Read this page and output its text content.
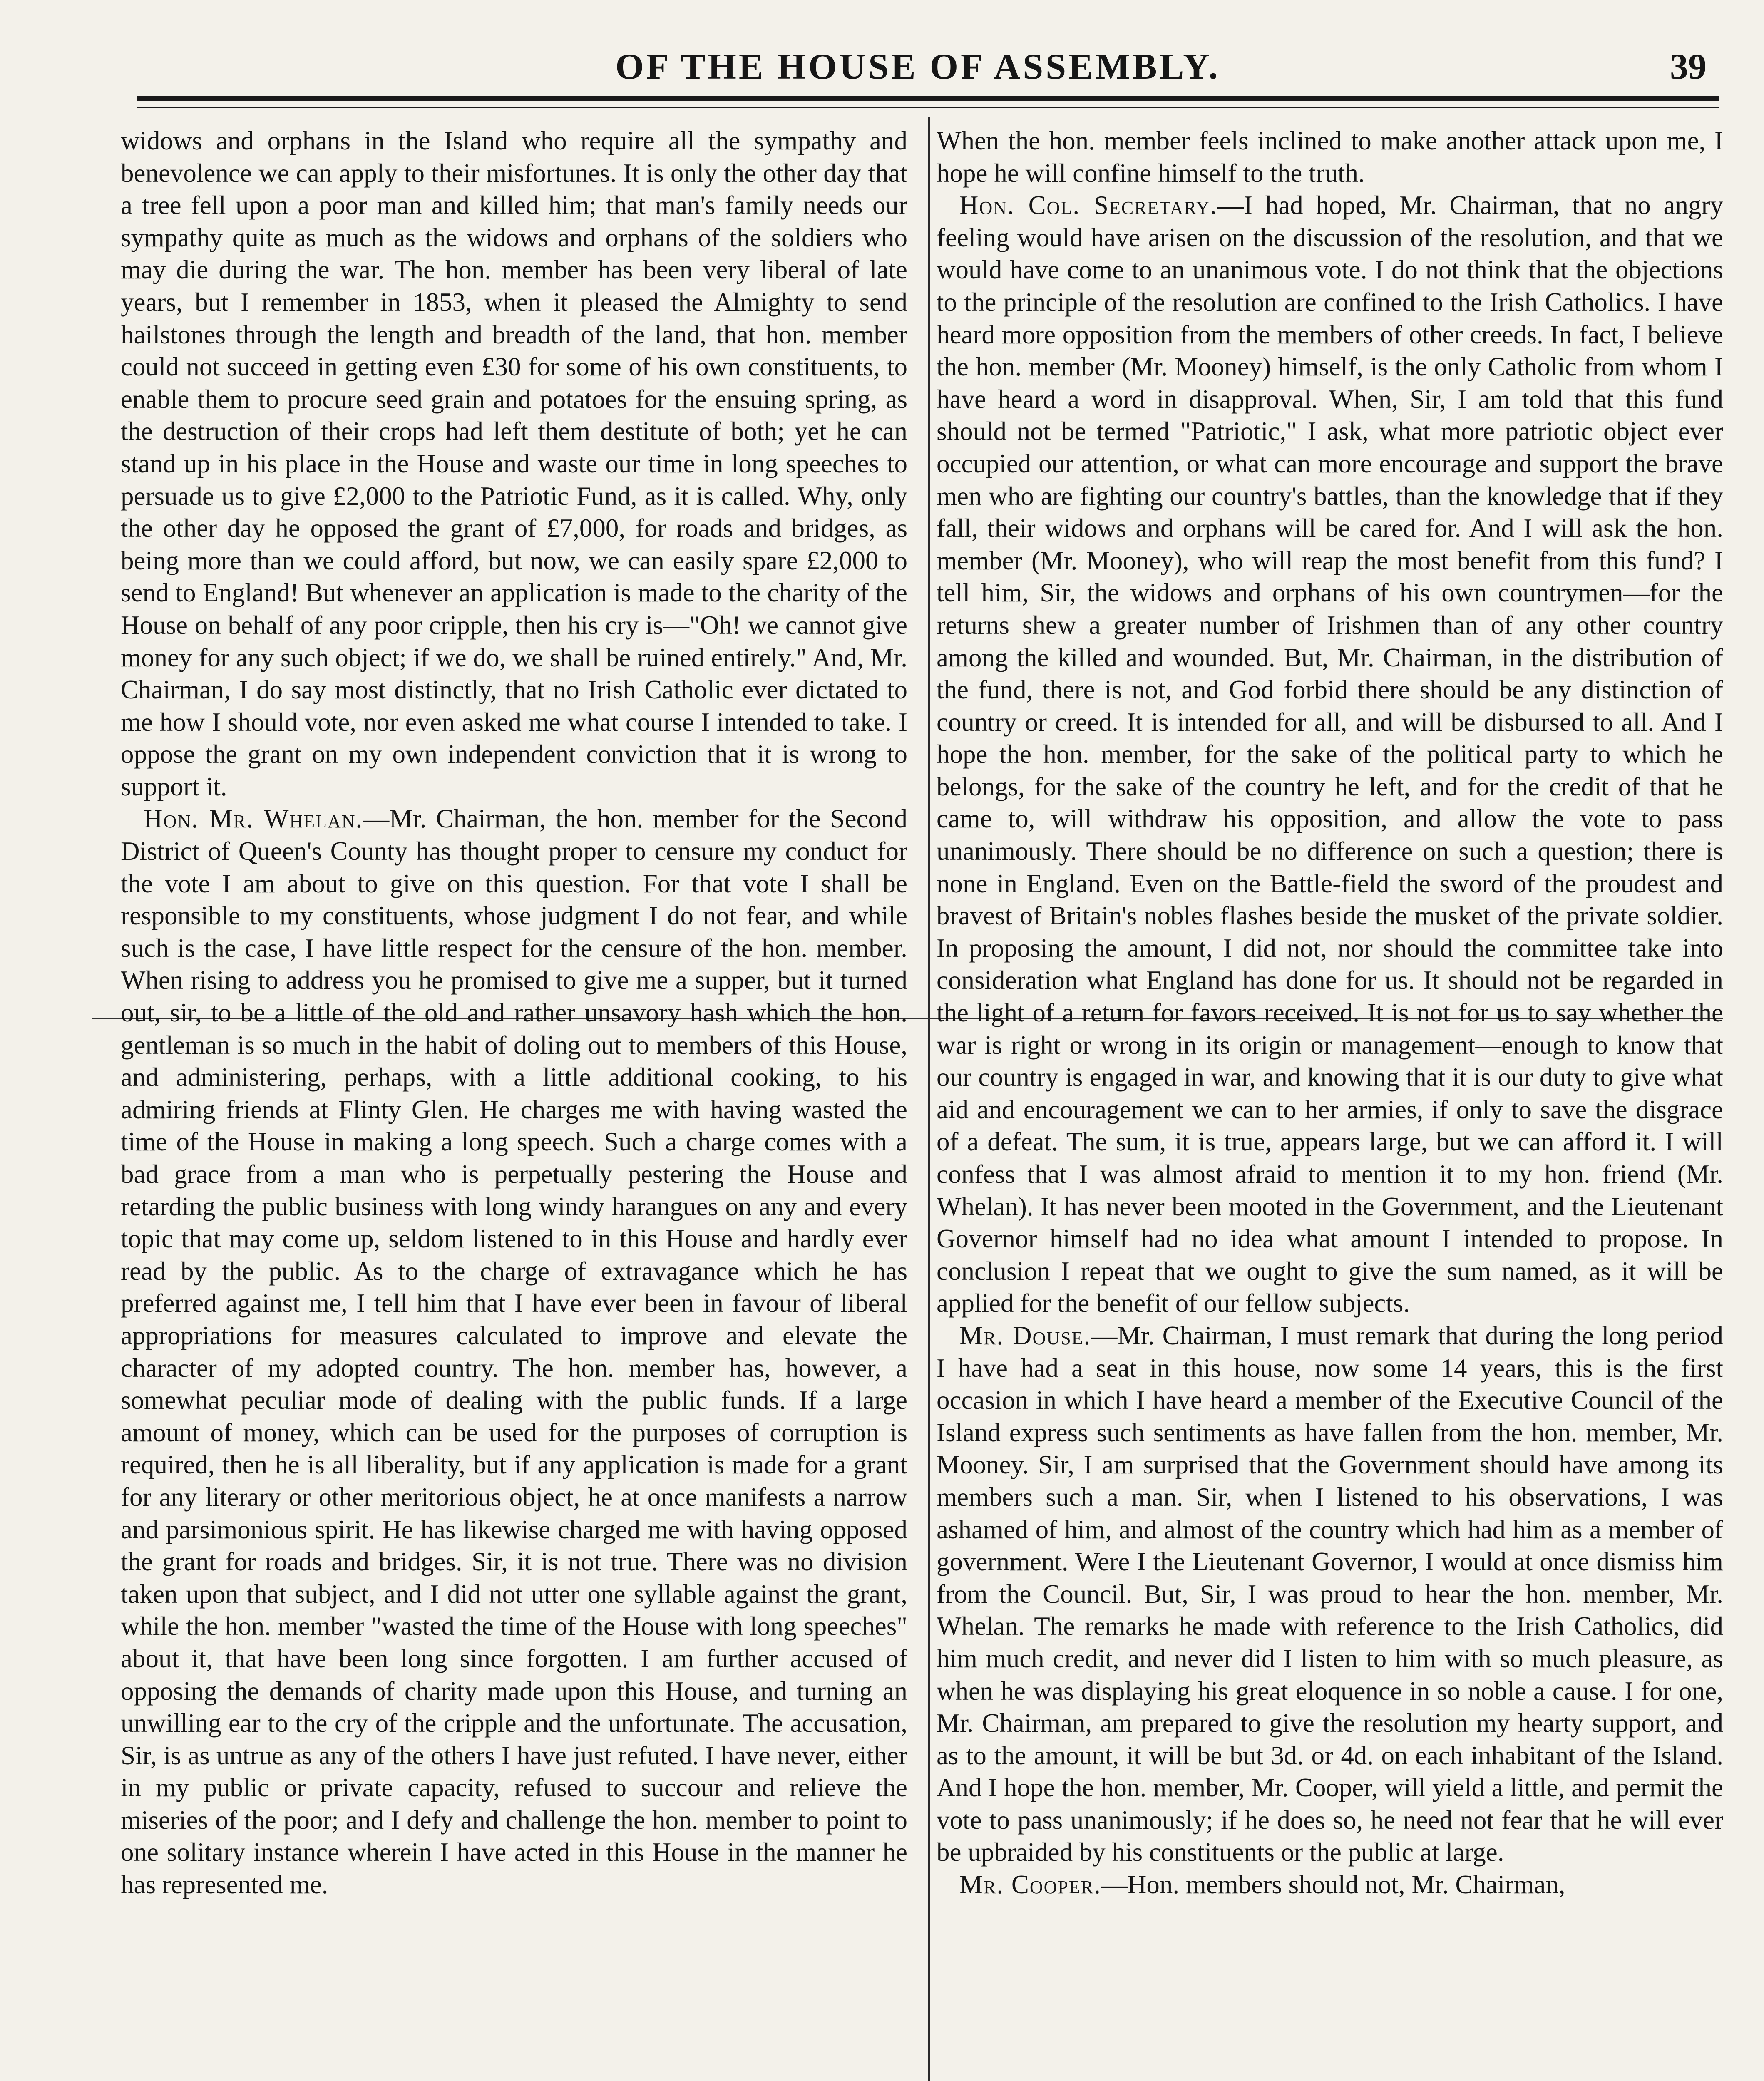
OF THE HOUSE OF ASSEMBLY.	39

widows and orphans in the Island who require all the sympathy and benevolence we can apply to their misfortunes. It is only the other day that a tree fell upon a poor man and killed him; that man's family needs our sympathy quite as much as the widows and orphans of the soldiers who may die during the war. The hon. member has been very liberal of late years, but I remember in 1853, when it pleased the Almighty to send hailstones through the length and breadth of the land, that hon. member could not succeed in getting even £30 for some of his own constituents, to enable them to procure seed grain and potatoes for the ensuing spring, as the destruction of their crops had left them destitute of both; yet he can stand up in his place in the House and waste our time in long speeches to persuade us to give £2,000 to the Patriotic Fund, as it is called. Why, only the other day he opposed the grant of £7,000, for roads and bridges, as being more than we could afford, but now, we can easily spare £2,000 to send to England! But whenever an application is made to the charity of the House on behalf of any poor cripple, then his cry is—"Oh! we cannot give money for any such object; if we do, we shall be ruined entirely." And, Mr. Chairman, I do say most distinctly, that no Irish Catholic ever dictated to me how I should vote, nor even asked me what course I intended to take. I oppose the grant on my own independent conviction that it is wrong to support it.

Hon. Mr. Whelan.—Mr. Chairman, the hon. member for the Second District of Queen's County has thought proper to censure my conduct for the vote I am about to give on this question. For that vote I shall be responsible to my constituents, whose judgment I do not fear, and while such is the case, I have little respect for the censure of the hon. member. When rising to address you he promised to give me a supper, but it turned out, sir, to be a little of the old and rather unsavory hash which the hon. gentleman is so much in the habit of doling out to members of this House, and administering, perhaps, with a little additional cooking, to his admiring friends at Flinty Glen. He charges me with having wasted the time of the House in making a long speech. Such a charge comes with a bad grace from a man who is perpetually pestering the House and retarding the public business with long windy harangues on any and every topic that may come up, seldom listened to in this House and hardly ever read by the public. As to the charge of extravagance which he has preferred against me, I tell him that I have ever been in favour of liberal appropriations for measures calculated to improve and elevate the character of my adopted country. The hon. member has, however, a somewhat peculiar mode of dealing with the public funds. If a large amount of money, which can be used for the purposes of corruption is required, then he is all liberality, but if any application is made for a grant for any literary or other meritorious object, he at once manifests a narrow and parsimonious spirit. He has likewise charged me with having opposed the grant for roads and bridges. Sir, it is not true. There was no division taken upon that subject, and I did not utter one syllable against the grant, while the hon. member "wasted the time of the House with long speeches" about it, that have been long since forgotten. I am further accused of opposing the demands of charity made upon this House, and turning an unwilling ear to the cry of the cripple and the unfortunate. The accusation, Sir, is as untrue as any of the others I have just refuted. I have never, either in my public or private capacity, refused to succour and relieve the miseries of the poor; and I defy and challenge the hon. member to point to one solitary instance wherein I have acted in this House in the manner he has represented me.

When the hon. member feels inclined to make another attack upon me, I hope he will confine himself to the truth.

Hon. Col. Secretary.—I had hoped, Mr. Chairman, that no angry feeling would have arisen on the discussion of the resolution, and that we would have come to an unanimous vote. I do not think that the objections to the principle of the resolution are confined to the Irish Catholics. I have heard more opposition from the members of other creeds. In fact, I believe the hon. member (Mr. Mooney) himself, is the only Catholic from whom I have heard a word in disapproval. When, Sir, I am told that this fund should not be termed "Patriotic," I ask, what more patriotic object ever occupied our attention, or what can more encourage and support the brave men who are fighting our country's battles, than the knowledge that if they fall, their widows and orphans will be cared for. And I will ask the hon. member (Mr. Mooney), who will reap the most benefit from this fund? I tell him, Sir, the widows and orphans of his own countrymen—for the returns shew a greater number of Irishmen than of any other country among the killed and wounded. But, Mr. Chairman, in the distribution of the fund, there is not, and God forbid there should be any distinction of country or creed. It is intended for all, and will be disbursed to all. And I hope the hon. member, for the sake of the political party to which he belongs, for the sake of the country he left, and for the credit of that he came to, will withdraw his opposition, and allow the vote to pass unanimously. There should be no difference on such a question; there is none in England. Even on the Battle-field the sword of the proudest and bravest of Britain's nobles flashes beside the musket of the private soldier. In proposing the amount, I did not, nor should the committee take into consideration what England has done for us. It should not be regarded in the light of a return for favors received. It is not for us to say whether the war is right or wrong in its origin or management—enough to know that our country is engaged in war, and knowing that it is our duty to give what aid and encouragement we can to her armies, if only to save the disgrace of a defeat. The sum, it is true, appears large, but we can afford it. I will confess that I was almost afraid to mention it to my hon. friend (Mr. Whelan). It has never been mooted in the Government, and the Lieutenant Governor himself had no idea what amount I intended to propose. In conclusion I repeat that we ought to give the sum named, as it will be applied for the benefit of our fellow subjects.

Mr. Douse.—Mr. Chairman, I must remark that during the long period I have had a seat in this house, now some 14 years, this is the first occasion in which I have heard a member of the Executive Council of the Island express such sentiments as have fallen from the hon. member, Mr. Mooney. Sir, I am surprised that the Government should have among its members such a man. Sir, when I listened to his observations, I was ashamed of him, and almost of the country which had him as a member of government. Were I the Lieutenant Governor, I would at once dismiss him from the Council. But, Sir, I was proud to hear the hon. member, Mr. Whelan. The remarks he made with reference to the Irish Catholics, did him much credit, and never did I listen to him with so much pleasure, as when he was displaying his great eloquence in so noble a cause. I for one, Mr. Chairman, am prepared to give the resolution my hearty support, and as to the amount, it will be but 3d. or 4d. on each inhabitant of the Island. And I hope the hon. member, Mr. Cooper, will yield a little, and permit the vote to pass unanimously; if he does so, he need not fear that he will ever be upbraided by his constituents or the public at large.

Mr. Cooper.—Hon. members should not, Mr. Chairman,
